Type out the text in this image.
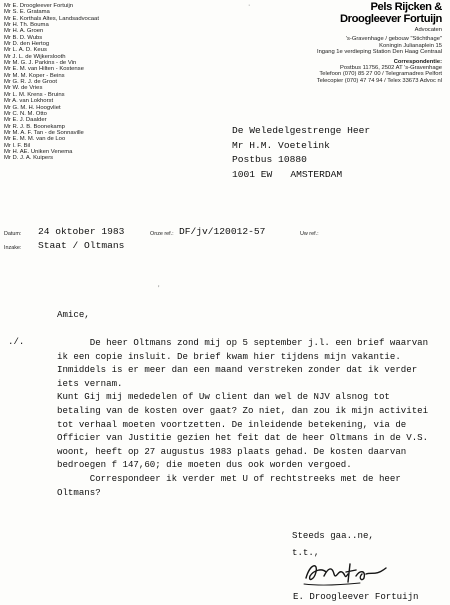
Mr E. Droogleever Fortuijn
Mr S. E. Gratama
Mr E. Korthals Altes, Landsadvocaat
Mr H. Th. Bouma
Mr H. A. Groen
Mr B. D. Wubs
Mr D. den Hertog
Mr L. A. D. Keus
Mr J. L. de Wijkerslooth
Mr M. G. J. Parkins - de Vin
Mr E. M. van Hilten - Kostense
Mr M. M. Koper - Beins
Mr G. R. J. de Groot
Mr W. de Vries
Mr L. M. Krens - Bruins
Mr A. van Lokhorst
Mr G. M. H. Hoogvliet
Mr C. N. M. Otto
Mr E. J. Daalder
Mr R. J. B. Boonekamp
Mr M. A. F. Tan - de Sonnaville
Mr E. M. M. van de Loo
Mr I. F. Bil
Mr H. AE. Uniken Venema
Mr D. J. A. Kuipers
Pels Rijcken &
Droogleever Fortuijn
Advocaten
's-Gravenhage / gebouw "Stichthage"
Koningin Julianaplein 15
Ingang 1e verdieping Station Den Haag Centraal
Correspondentie:
Postbus 11756, 2502 AT 's-Gravenhage
Telefoon (070) 85 27 00 / Telegramadres Pelfort
Telecopier (070) 47 74 94 / Telex 33673 Advoc nl
·
ʼ
De Weledelgestrenge Heer
Mr H.M. Voetelink
Postbus 10880
1001 EW AMSTERDAM
Datum: 24 oktober 1983	Onze ref.: DF/jv/120012-57	Uw ref.:
Inzake: Staat / Oltmans
Amice,
./.	De heer Oltmans zond mij op 5 september j.l. een brief waarvan
ik een copie insluit. De brief kwam hier tijdens mijn vakantie.
Inmiddels is er meer dan een maand verstreken zonder dat ik verder
iets vernam.
Kunt Gij mij mededelen of Uw client dan wel de NJV alsnog tot
betaling van de kosten over gaat? Zo niet, dan zou ik mijn activitei
tot verhaal moeten voortzetten. De inleidende betekening, via de
Officier van Justitie gezien het feit dat de heer Oltmans in de V.S.
woont, heeft op 27 augustus 1983 plaats gehad. De kosten daarvan
bedroegen f 147,60; die moeten dus ook worden vergoed.
Correspondeer ik verder met U of rechtstreeks met de heer
Oltmans?
Steeds gaa..ne,
t.t.,
E. Droogleever Fortuijn
